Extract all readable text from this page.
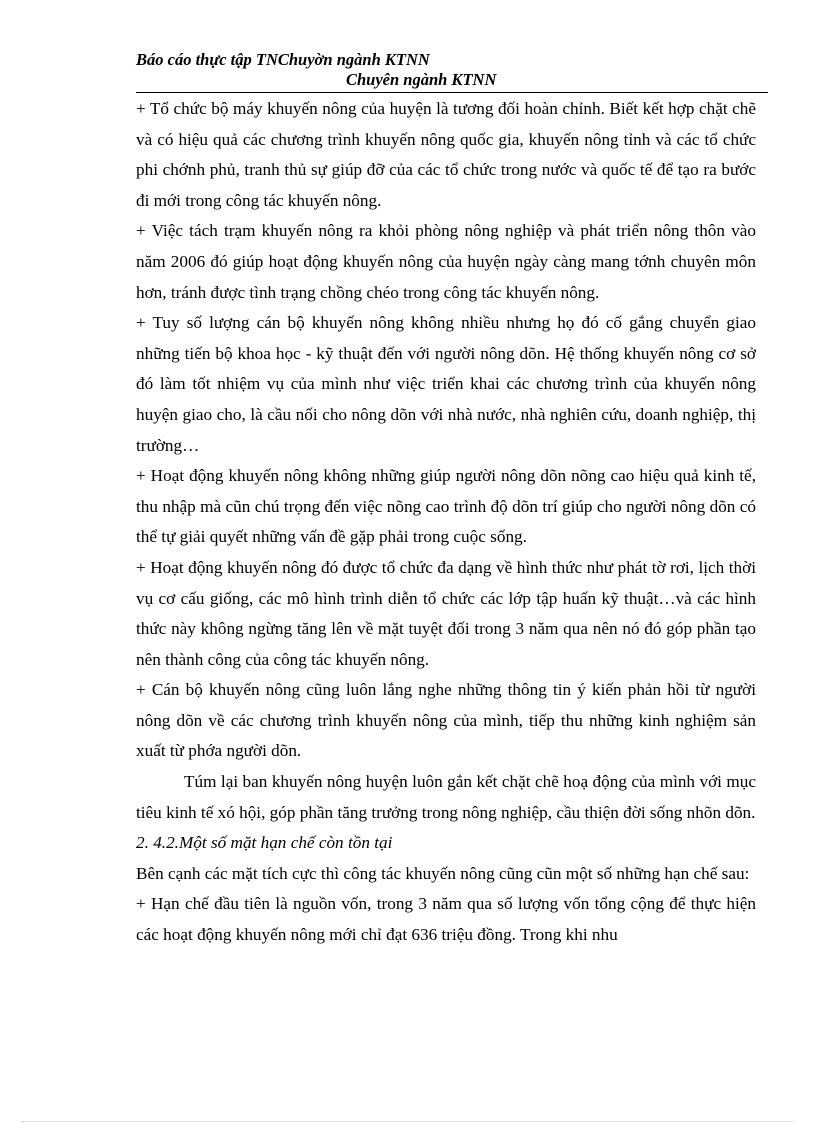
Báo cáo thực tập TNChuyờn ngành KTNN
Chuyên ngành KTNN

+ Tổ chức bộ máy khuyến nông của huyện là tương đối hoàn chỉnh. Biết kết hợp chặt chẽ và có hiệu quả các chương trình khuyến nông quốc gia, khuyến nông tỉnh và các tổ chức phi chớnh phủ, tranh thủ sự giúp đỡ của các tổ chức trong nước và quốc tế để tạo ra bước đi mới trong công tác khuyến nông.

+ Việc tách trạm khuyến nông ra khỏi phòng nông nghiệp và phát triển nông thôn vào năm 2006 đó giúp hoạt động khuyến nông của huyện ngày càng mang tớnh chuyên môn hơn, tránh được tình trạng chồng chéo trong công tác khuyến nông.

+ Tuy số lượng cán bộ khuyến nông không nhiều nhưng họ đó cố gắng chuyển giao những tiến bộ khoa học - kỹ thuật đến với người nông dõn. Hệ thống khuyến nông cơ sở đó làm tốt nhiệm vụ của mình như việc triển khai các chương trình của khuyến nông huyện giao cho, là cầu nối cho nông dõn với nhà nước, nhà nghiên cứu, doanh nghiệp, thị trường…

+ Hoạt động khuyến nông không những giúp người nông dõn nõng cao hiệu quả kinh tế, thu nhập mà cũn chú trọng đến việc nõng cao trình độ dõn trí giúp cho người nông dõn có thể tự giải quyết những vấn đề gặp phải trong cuộc sống.

+ Hoạt động khuyến nông đó được tổ chức đa dạng về hình thức như phát tờ rơi, lịch thời vụ cơ cấu giống, các mô hình trình diễn tổ chức các lớp tập huấn kỹ thuật…và các hình thức này không ngừng tăng lên về mặt tuyệt đối trong 3 năm qua nên nó đó góp phần tạo nên thành công của công tác khuyến nông.

+ Cán bộ khuyến nông cũng luôn lắng nghe những thông tin ý kiến phản hồi từ người nông dõn về các chương trình khuyến nông của mình, tiếp thu những kinh nghiệm sản xuất từ phớa người dõn.

Túm lại ban khuyến nông huyện luôn gắn kết chặt chẽ hoạ động của mình với mục tiêu kinh tế xó hội, góp phần tăng trưởng trong nông nghiệp, cầu thiện đời sống nhõn dõn.

2. 4.2.Một số mặt hạn chế còn tồn tại

Bên cạnh các mặt tích cực thì công tác khuyến nông cũng cũn một số những hạn chế sau:

+ Hạn chế đầu tiên là nguồn vốn, trong 3 năm qua số lượng vốn tổng cộng để thực hiện các hoạt động khuyến nông mới chỉ đạt 636 triệu đồng. Trong khi nhu
